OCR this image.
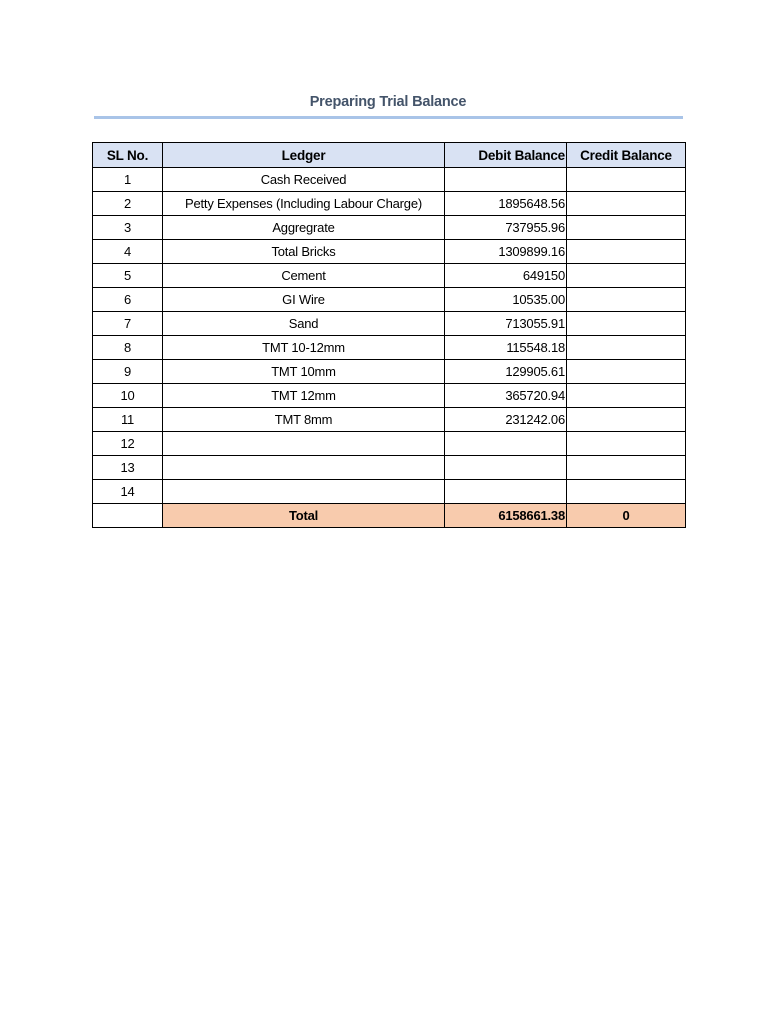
Preparing Trial Balance
SL No.	Ledger	Debit Balance	Credit Balance
1	Cash Received		
2	Petty Expenses (Including Labour Charge)	1895648.56	
3	Aggregrate	737955.96	
4	Total Bricks	1309899.16	
5	Cement	649150	
6	GI Wire	10535.00	
7	Sand	713055.91	
8	TMT 10-12mm	115548.18	
9	TMT 10mm	129905.61	
10	TMT 12mm	365720.94	
11	TMT 8mm	231242.06	
12			
13			
14			
	Total	6158661.38	0
